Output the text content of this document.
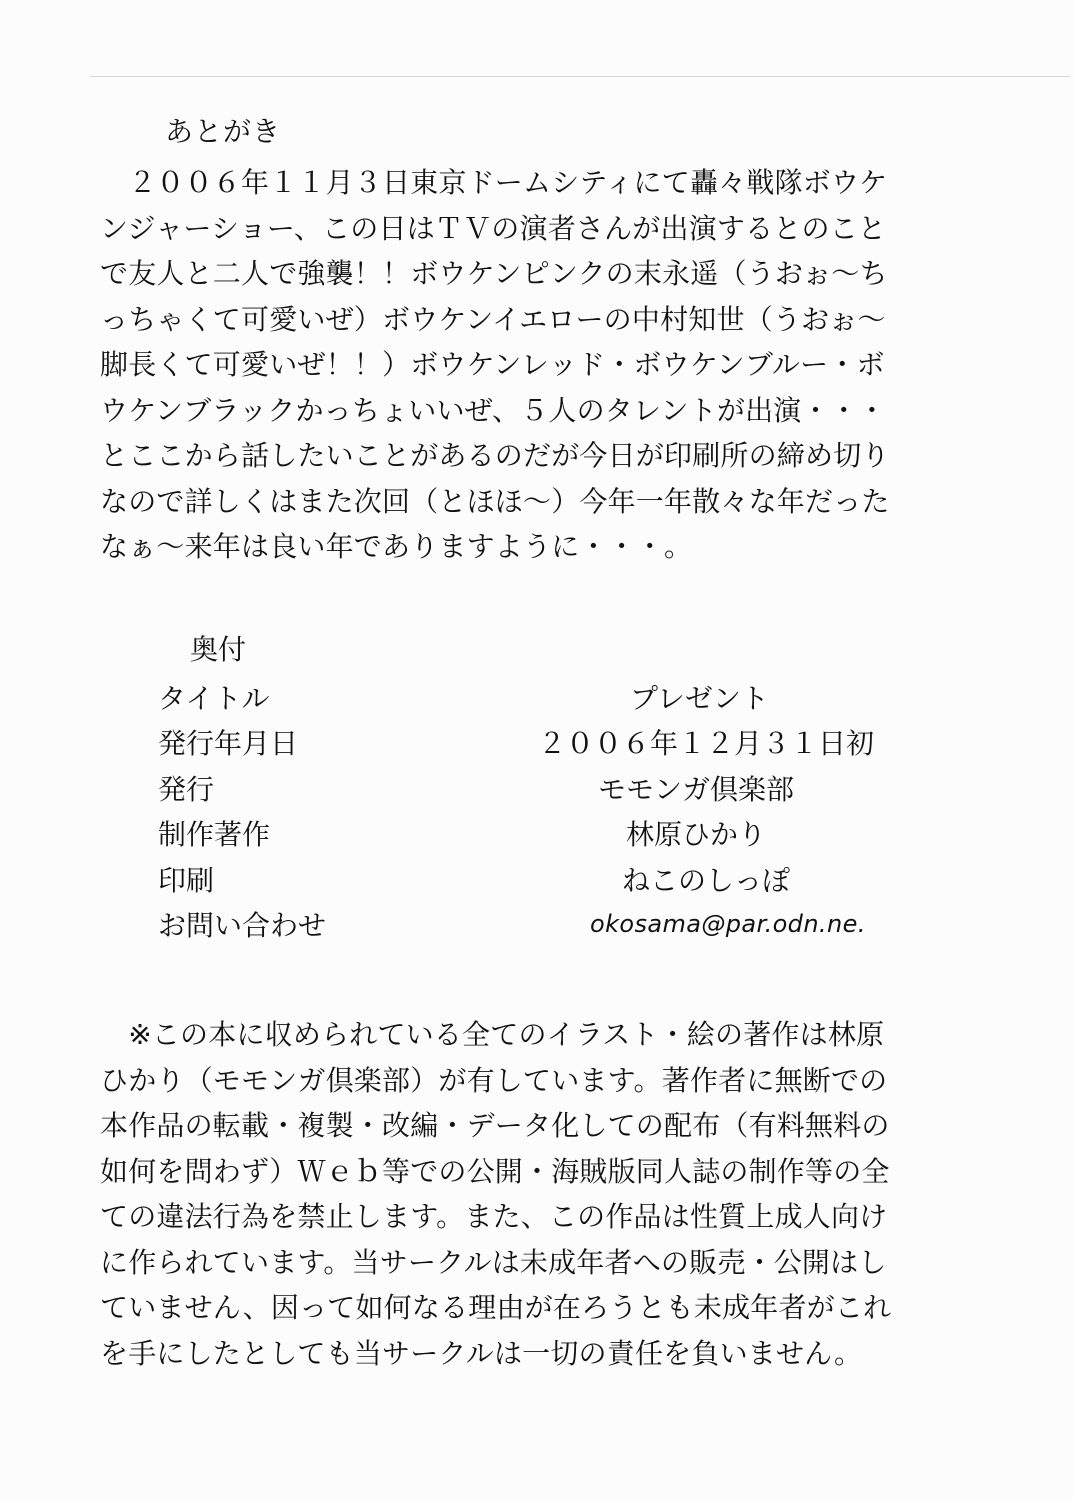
あとがき
　２００６年１１月３日東京ドームシティにて轟々戦隊ボウケ
ンジャーショー、この日はＴＶの演者さんが出演するとのこと
で友人と二人で強襲！！ボウケンピンクの末永遥（うおぉ〜ち
っちゃくて可愛いぜ）ボウケンイエローの中村知世（うおぉ〜
脚長くて可愛いぜ！！）ボウケンレッド・ボウケンブルー・ボ
ウケンブラックかっちょいいぜ、５人のタレントが出演・・・
とここから話したいことがあるのだが今日が印刷所の締め切り
なので詳しくはまた次回（とほほ〜）今年一年散々な年だった
なぁ〜来年は良い年でありますように・・・。
奥付
タイトル	プレゼント
発行年月日	２００６年１２月３１日初
発行	モモンガ倶楽部
制作著作	林原ひかり
印刷	ねこのしっぽ
お問い合わせ	okosama@par.odn.ne.
　※この本に収められている全てのイラスト・絵の著作は林原
ひかり（モモンガ倶楽部）が有しています。著作者に無断での
本作品の転載・複製・改編・データ化しての配布（有料無料の
如何を問わず）Ｗｅｂ等での公開・海賊版同人誌の制作等の全
ての違法行為を禁止します。また、この作品は性質上成人向け
に作られています。当サークルは未成年者への販売・公開はし
ていません、因って如何なる理由が在ろうとも未成年者がこれ
を手にしたとしても当サークルは一切の責任を負いません。
